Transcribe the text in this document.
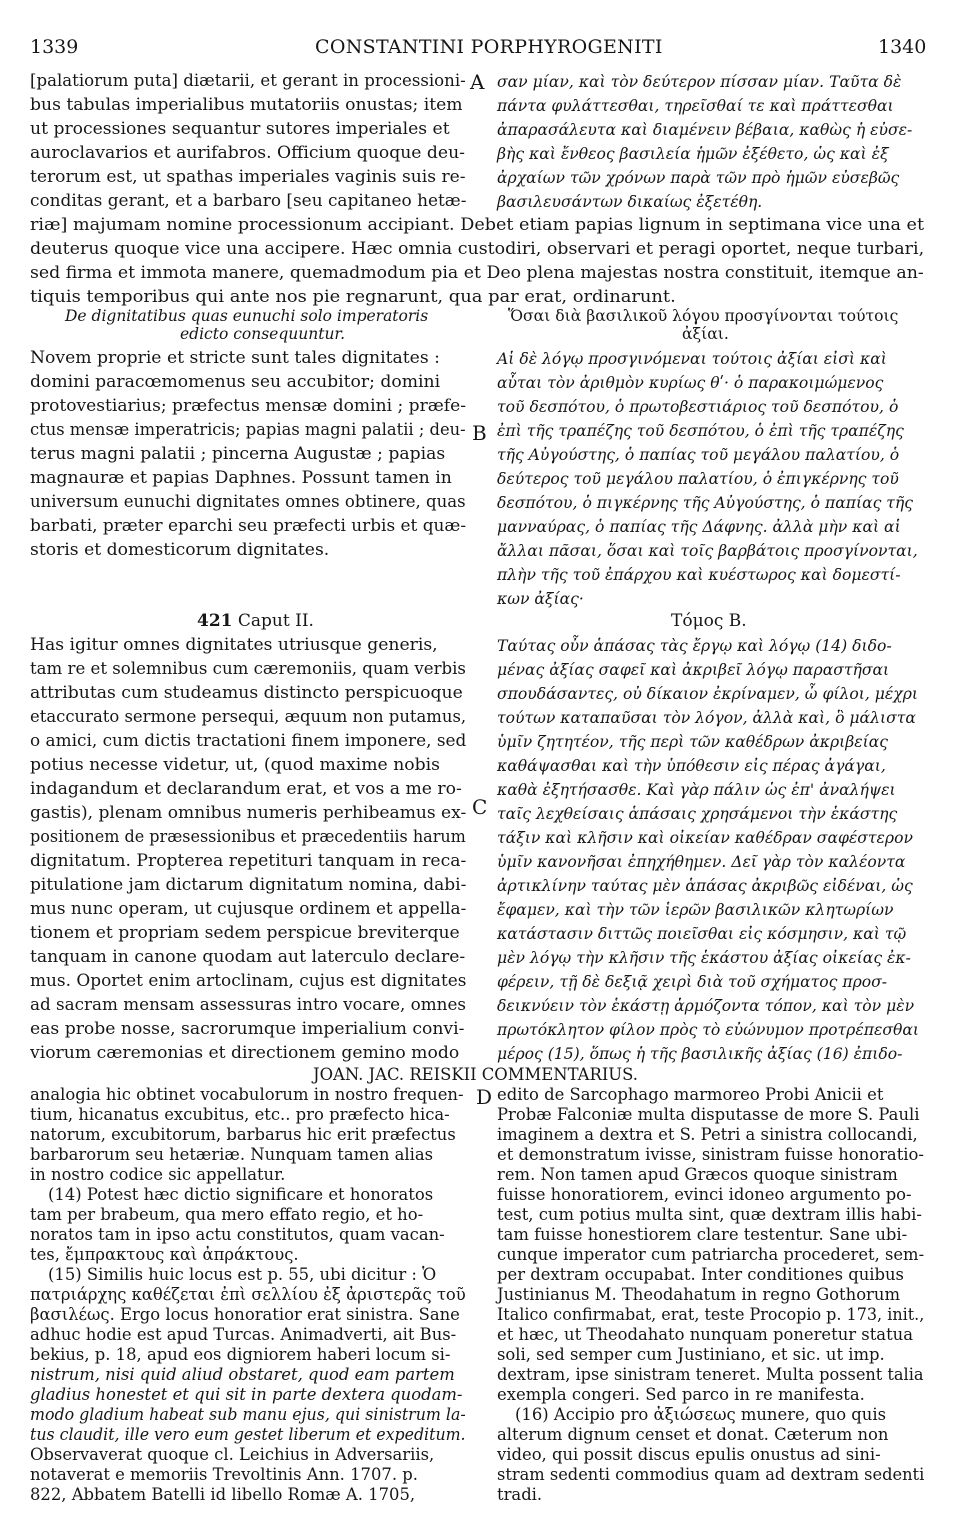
1339	CONSTANTINI PORPHYROGENITI	1340
A
B
C
D
[palatiorum puta] diætarii, et gerant in processioni-
bus tabulas imperialibus mutatoriis onustas; item
ut processiones sequantur sutores imperiales et
auroclavarios et aurifabros. Officium quoque deu-
terorum est, ut spathas imperiales vaginis suis re-
conditas gerant, et a barbaro [seu capitaneo hetæ-
σαν μίαν, καὶ τὸν δεύτερον πίσσαν μίαν. Ταῦτα δὲ
πάντα φυλάττεσθαι, τηρεῖσθαί τε καὶ πράττεσθαι
ἀπαρασάλευτα καὶ διαμένειν βέβαια, καθὼς ἡ εὐσε-
βὴς καὶ ἔνθεος βασιλεία ἡμῶν ἐξέθετο, ὡς καὶ ἐξ
ἀρχαίων τῶν χρόνων παρὰ τῶν πρὸ ἡμῶν εὐσεβῶς
βασιλευσάντων δικαίως ἐξετέθη.
riæ] majumam nomine processionum accipiant. Debet etiam papias lignum in septimana vice una et
deuterus quoque vice una accipere. Hæc omnia custodiri, observari et peragi oportet, neque turbari,
sed firma et immota manere, quemadmodum pia et Deo plena majestas nostra constituit, itemque an-
tiquis temporibus qui ante nos pie regnarunt, qua par erat, ordinarunt.
De dignitatibus quas eunuchi solo imperatoris
edicto consequuntur.
Ὅσαι διὰ βασιλικοῦ λόγου προσγίνονται τούτοις
ἀξίαι.
Novem proprie et stricte sunt tales dignitates :
domini paracœmomenus seu accubitor; domini
protovestiarius; præfectus mensæ domini ; præfe-
ctus mensæ imperatricis; papias magni palatii ; deu-
terus magni palatii ; pincerna Augustæ ; papias
magnauræ et papias Daphnes. Possunt tamen in
universum eunuchi dignitates omnes obtinere, quas
barbati, præter eparchi seu præfecti urbis et quæ-
storis et domesticorum dignitates.
Αἱ δὲ λόγῳ προσγινόμεναι τούτοις ἀξίαι εἰσὶ καὶ
αὗται τὸν ἀριθμὸν κυρίως θʹ· ὁ παρακοιμώμενος
τοῦ δεσπότου, ὁ πρωτοβεστιάριος τοῦ δεσπότου, ὁ
ἐπὶ τῆς τραπέζης τοῦ δεσπότου, ὁ ἐπὶ τῆς τραπέζης
τῆς Αὐγούστης, ὁ παπίας τοῦ μεγάλου παλατίου, ὁ
δεύτερος τοῦ μεγάλου παλατίου, ὁ ἐπιγκέρνης τοῦ
δεσπότου, ὁ πιγκέρνης τῆς Αὐγούστης, ὁ παπίας τῆς
μανναύρας, ὁ παπίας τῆς Δάφνης. ἀλλὰ μὴν καὶ αἱ
ἄλλαι πᾶσαι, ὅσαι καὶ τοῖς βαρβάτοις προσγίνονται,
πλὴν τῆς τοῦ ἐπάρχου καὶ κυέστωρος καὶ δομεστί-
κων ἀξίας·
421 Caput II.	Τόμος Β.
Has igitur omnes dignitates utriusque generis,
tam re et solemnibus cum cæremoniis, quam verbis
attributas cum studeamus distincto perspicuoque
etaccurato sermone persequi, æquum non putamus,
o amici, cum dictis tractationi finem imponere, sed
potius necesse videtur, ut, (quod maxime nobis
indagandum et declarandum erat, et vos a me ro-
gastis), plenam omnibus numeris perhibeamus ex-
positionem de præsessionibus et præcedentiis harum
dignitatum. Propterea repetituri tanquam in reca-
pitulatione jam dictarum dignitatum nomina, dabi-
mus nunc operam, ut cujusque ordinem et appella-
tionem et propriam sedem perspicue breviterque
tanquam in canone quodam aut laterculo declare-
mus. Oportet enim artoclinam, cujus est dignitates
ad sacram mensam assessuras intro vocare, omnes
eas probe nosse, sacrorumque imperialium convi-
viorum cæremonias et directionem gemino modo
Ταύτας οὖν ἁπάσας τὰς ἔργῳ καὶ λόγῳ (14) διδο-
μένας ἀξίας σαφεῖ καὶ ἀκριβεῖ λόγῳ παραστῆσαι
σπουδάσαντες, οὐ δίκαιον ἐκρίναμεν, ὦ φίλοι, μέχρι
τούτων καταπαῦσαι τὸν λόγον, ἀλλὰ καὶ, ὃ μάλιστα
ὑμῖν ζητητέον, τῆς περὶ τῶν καθέδρων ἀκριβείας
καθάψασθαι καὶ τὴν ὑπόθεσιν εἰς πέρας ἀγάγαι,
καθὰ ἐξητήσασθε. Καὶ γὰρ πάλιν ὡς ἐπ' ἀναλήψει
ταῖς λεχθείσαις ἁπάσαις χρησάμενοι τὴν ἑκάστης
τάξιν καὶ κλῆσιν καὶ οἰκείαν καθέδραν σαφέστερον
ὑμῖν κανονῆσαι ἐπηχήθημεν. Δεῖ γὰρ τὸν καλέοντα
ἀρτικλίνην ταύτας μὲν ἁπάσας ἀκριβῶς εἰδέναι, ὡς
ἔφαμεν, καὶ τὴν τῶν ἱερῶν βασιλικῶν κλητωρίων
κατάστασιν διττῶς ποιεῖσθαι εἰς κόσμησιν, καὶ τῷ
μὲν λόγῳ τὴν κλῆσιν τῆς ἑκάστου ἀξίας οἰκείας ἐκ-
φέρειν, τῇ δὲ δεξιᾷ χειρὶ διὰ τοῦ σχήματος προσ-
δεικνύειν τὸν ἑκάστῃ ἁρμόζοντα τόπον, καὶ τὸν μὲν
πρωτόκλητον φίλον πρὸς τὸ εὐώνυμον προτρέπεσθαι
μέρος (15), ὅπως ἡ τῆς βασιλικῆς ἀξίας (16) ἐπιδο-
JOAN. JAC. REISKII COMMENTARIUS.
analogia hic obtinet vocabulorum in nostro frequen-
tium, hicanatus excubitus, etc.. pro præfecto hica-
natorum, excubitorum, barbarus hic erit præfectus
barbarorum seu hetæriæ. Nunquam tamen alias
in nostro codice sic appellatur.
(14) Potest hæc dictio significare et honoratos
tam per brabeum, qua mero effato regio, et ho-
noratos tam in ipso actu constitutos, quam vacan-
tes, ἔμπρακτους καὶ ἀπράκτους.
(15) Similis huic locus est p. 55, ubi dicitur : Ὁ
πατριάρχης καθέζεται ἐπὶ σελλίου ἐξ ἀριστερᾶς τοῦ
βασιλέως. Ergo locus honoratior erat sinistra. Sane
adhuc hodie est apud Turcas. Animadverti, ait Bus-
bekius, p. 18, apud eos digniorem haberi locum si-
nistrum, nisi quid aliud obstaret, quod eam partem
gladius honestet et qui sit in parte dextera quodam-
modo gladium habeat sub manu ejus, qui sinistrum la-
tus claudit, ille vero eum gestet liberum et expeditum.
Observaverat quoque cl. Leichius in Adversariis,
notaverat e memoriis Trevoltinis Ann. 1707. p.
822, Abbatem Batelli id libello Romæ A. 1705,
edito de Sarcophago marmoreo Probi Anicii et
Probæ Falconiæ multa disputasse de more S. Pauli
imaginem a dextra et S. Petri a sinistra collocandi,
et demonstratum ivisse, sinistram fuisse honoratio-
rem. Non tamen apud Græcos quoque sinistram
fuisse honoratiorem, evinci idoneo argumento po-
test, cum potius multa sint, quæ dextram illis habi-
tam fuisse honestiorem clare testentur. Sane ubi-
cunque imperator cum patriarcha procederet, sem-
per dextram occupabat. Inter conditiones quibus
Justinianus M. Theodahatum in regno Gothorum
Italico confirmabat, erat, teste Procopio p. 173, init.,
et hæc, ut Theodahato nunquam poneretur statua
soli, sed semper cum Justiniano, et sic. ut imp.
dextram, ipse sinistram teneret. Multa possent talia
exempla congeri. Sed parco in re manifesta.
(16) Accipio pro ἀξιώσεως munere, quo quis
alterum dignum censet et donat. Cæterum non
video, qui possit discus epulis onustus ad sini-
stram sedenti commodius quam ad dextram sedenti
tradi.
